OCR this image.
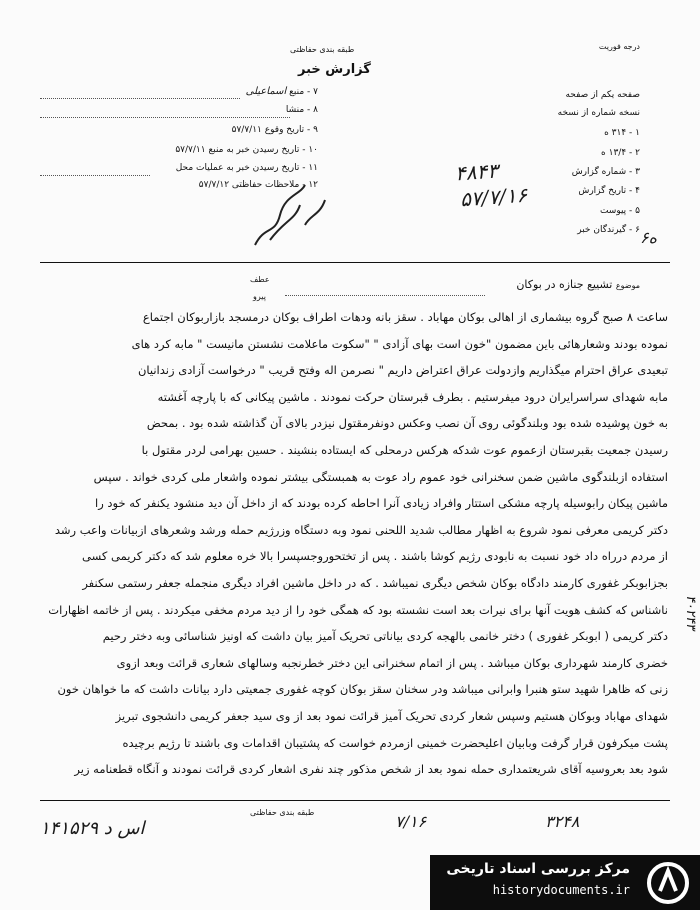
درجه فوریت
طبقه بندی حفاظتی
گزارش خبر
۷ - منبع اسماعیلی
۸ - منشا
۹ - تاریخ وقوع ۵۷/۷/۱۱
۱۰ - تاریخ رسیدن خبر به منبع ۵۷/۷/۱۱
۱۱ - تاریخ رسیدن خبر به عملیات محل
۱۲ - ملاحظات حفاظتی ۵۷/۷/۱۲
صفحه یکم از صفحه
نسخه شماره از نسخه
۱ - ۳۱۴ ه
۲ - ۱۳/۴ ه
۳ - شماره گزارش
۴ - تاریخ گزارش
۵ - پیوست
۶ - گیرندگان خبر
۴۸۴۳
۵۷/۷/۱۶
۶ه
موضوع تشییع جنازه در بوکان
عطف
پیرو
ساعت ۸ صبح گروه بیشماری از اهالی بوکان مهاباد . سقز بانه ودهات اطراف بوکان درمسجد بازاربوکان اجتماع
نموده بودند وشعارهائی باین مضمون "خون است بهای آزادی " "سکوت ماعلامت نشستن مانیست " مابه کرد های
تبعیدی عراق احترام میگذاریم وازدولت عراق اعتراض داریم " نصرمن اله وفتح قریب " درخواست آزادی زندانیان
مابه شهدای سراسرایران درود میفرستیم . بطرف قبرستان حرکت نمودند . ماشین پیکانی که با پارچه آغشته
به خون پوشیده شده بود وبلندگوئی روی آن نصب وعکس دونفرمقتول نیزدر بالای آن گذاشته شده بود . بمحض
رسیدن جمعیت بقبرستان ازعموم عوت شدکه هرکس درمحلی که ایستاده بنشیند . حسین بهرامی لردر مقتول با
استفاده ازبلندگوی ماشین ضمن سخنرانی خود عموم راد عوت به همبستگی بیشتر نموده واشعار ملی کردی خواند . سپس
ماشین پیکان رابوسیله پارچه مشکی استتار وافراد زیادی آنرا احاطه کرده بودند که از داخل آن دید منشود یکنفر که خود را
دکتر کریمی معرفی نمود شروع به اظهار مطالب شدید اللحنی نمود وبه دستگاه وزرژیم حمله ورشد وشعرهای ازبیانات واعب رشد
از مردم درراه داد خود نسبت به نابودی رژیم کوشا باشند . پس از تختحوروجسپسرا بالا خره معلوم شد که دکتر کریمی کسی
بجزابوبکر غفوری کارمند دادگاه بوکان شخص دیگری نمیباشد . که در داخل ماشین افراد دیگری منجمله جعفر رستمی سکنفر
ناشناس که کشف هویت آنها برای نیرات بعد است نشسته بود که همگی خود را از دید مردم مخفی میکردند . پس از خاتمه اظهارات
دکتر کریمی ( ابوبکر غفوری ) دختر خانمی بالهجه کردی بیاناتی تحریک آمیز بیان داشت که اونیز شناسائی وبه دختر رحیم
خضری کارمند شهرداری بوکان میباشد . پس از اتمام سخنرانی این دختر خطرنجبه وسالهای شعاری قرائت وبعد ازوی
زنی که ظاهرا شهید ستو هنبرا وابرانی میباشد ودر سخنان سقز بوکان کوچه غفوری جمعیتی دارد بیانات داشت که ما خواهان خون
شهدای مهاباد وبوکان هستیم وسپس شعار کردی تحریک آمیز قرائت نمود بعد از وی سید جعفر کریمی دانشجوی تبریز
پشت میکرفون قرار گرفت وبابیان اعلیحضرت خمینی ازمردم خواست که پشتیبان اقدامات وی باشند تا رژیم برچیده
شود بعد بعروسیه آقای شریعتمداری حمله نمود بعد از شخص مذکور چند نفری اشعار کردی قرائت نمودند و آنگاه قطعنامه زیر
۴۰۲۴۳
طبقه بندی حفاظتی
۱۴۱۵۲۹ اس د	۷/۱۶	۳۲۴۸
مرکز بررسی اسناد تاریخی
historydocuments.ir
